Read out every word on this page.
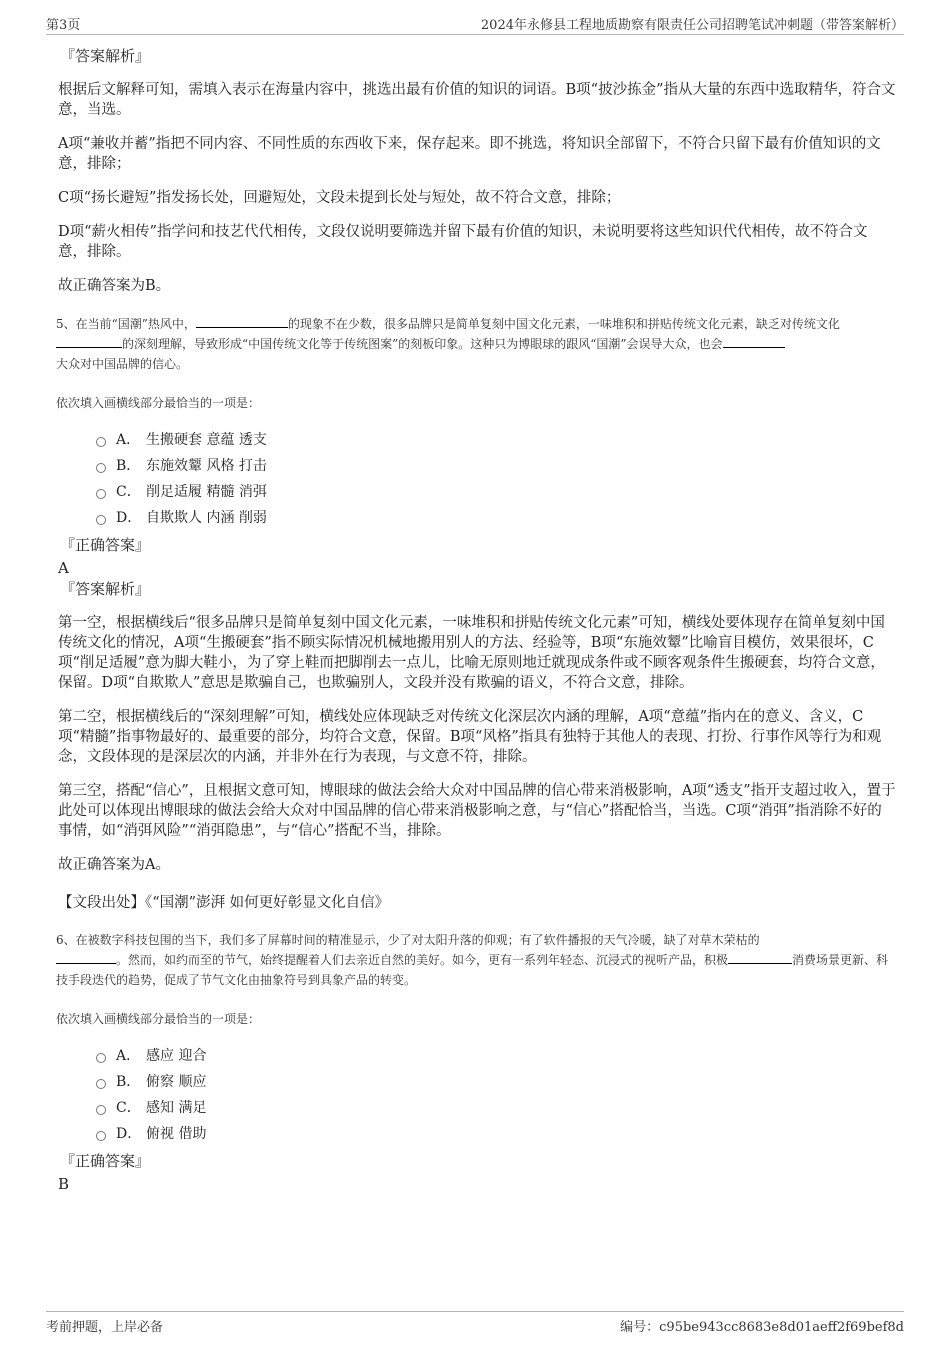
第3页	2024年永修县工程地质勘察有限责任公司招聘笔试冲刺题（带答案解析）
『答案解析』
根据后文解释可知，需填入表示在海量内容中，挑选出最有价值的知识的词语。B项“披沙拣金”指从大量的东西中选取精华，符合文意，当选。
A项“兼收并蓄”指把不同内容、不同性质的东西收下来，保存起来。即不挑选，将知识全部留下，不符合只留下最有价值知识的文意，排除；
C项“扬长避短”指发扬长处，回避短处，文段未提到长处与短处，故不符合文意，排除；
D项“薪火相传”指学问和技艺代代相传，文段仅说明要筛选并留下最有价值的知识，未说明要将这些知识代代相传，故不符合文意，排除。
故正确答案为B。
5、在当前“国潮”热风中，	的现象不在少数，很多品牌只是简单复刻中国文化元素，一味堆积和拼贴传统文化元素，缺乏对传统文化的深刻理解，导致形成“中国传统文化等于传统图案”的刻板印象。这种只为博眼球的跟风“国潮”会误导大众，也会
大众对中国品牌的信心。
依次填入画横线部分最恰当的一项是：
A． 生搬硬套 意蕴 透支
B． 东施效颦 风格 打击
C． 削足适履 精髓 消弭
D． 自欺欺人 内涵 削弱
『正确答案』
A
『答案解析』
第一空，根据横线后“很多品牌只是简单复刻中国文化元素，一味堆积和拼贴传统文化元素”可知，横线处要体现存在简单复刻中国传统文化的情况，A项“生搬硬套”指不顾实际情况机械地搬用别人的方法、经验等，B项“东施效颦”比喻盲目模仿，效果很坏，C项“削足适履”意为脚大鞋小，为了穿上鞋而把脚削去一点儿，比喻无原则地迁就现成条件或不顾客观条件生搬硬套，均符合文意，保留。D项“自欺欺人”意思是欺骗自己，也欺骗别人，文段并没有欺骗的语义，不符合文意，排除。
第二空，根据横线后的“深刻理解”可知，横线处应体现缺乏对传统文化深层次内涵的理解，A项“意蕴”指内在的意义、含义，C项“精髓”指事物最好的、最重要的部分，均符合文意，保留。B项“风格”指具有独特于其他人的表现、打扮、行事作风等行为和观念，文段体现的是深层次的内涵，并非外在行为表现，与文意不符，排除。
第三空，搭配“信心”，且根据文意可知，博眼球的做法会给大众对中国品牌的信心带来消极影响，A项“透支”指开支超过收入，置于此处可以体现出博眼球的做法会给大众对中国品牌的信心带来消极影响之意，与“信心”搭配恰当，当选。C项“消弭”指消除不好的事情，如“消弭风险”“消弭隐患”，与“信心”搭配不当，排除。
故正确答案为A。
【文段出处】《“国潮”澎湃 如何更好彰显文化自信》
6、在被数字科技包围的当下，我们多了屏幕时间的精准显示，少了对太阳升落的仰观；有了软件播报的天气冷暖，缺了对草木荣枯的
。然而，如约而至的节气，始终提醒着人们去亲近自然的美好。如今，更有一系列年轻态、沉浸式的视听产品，积极	消费场景更新、科技手段迭代的趋势，促成了节气文化由抽象符号到具象产品的转变。
依次填入画横线部分最恰当的一项是：
A． 感应 迎合
B． 俯察 顺应
C． 感知 满足
D． 俯视 借助
『正确答案』
B
考前押题，上岸必备	编号：c95be943cc8683e8d01aeff2f69bef8d
